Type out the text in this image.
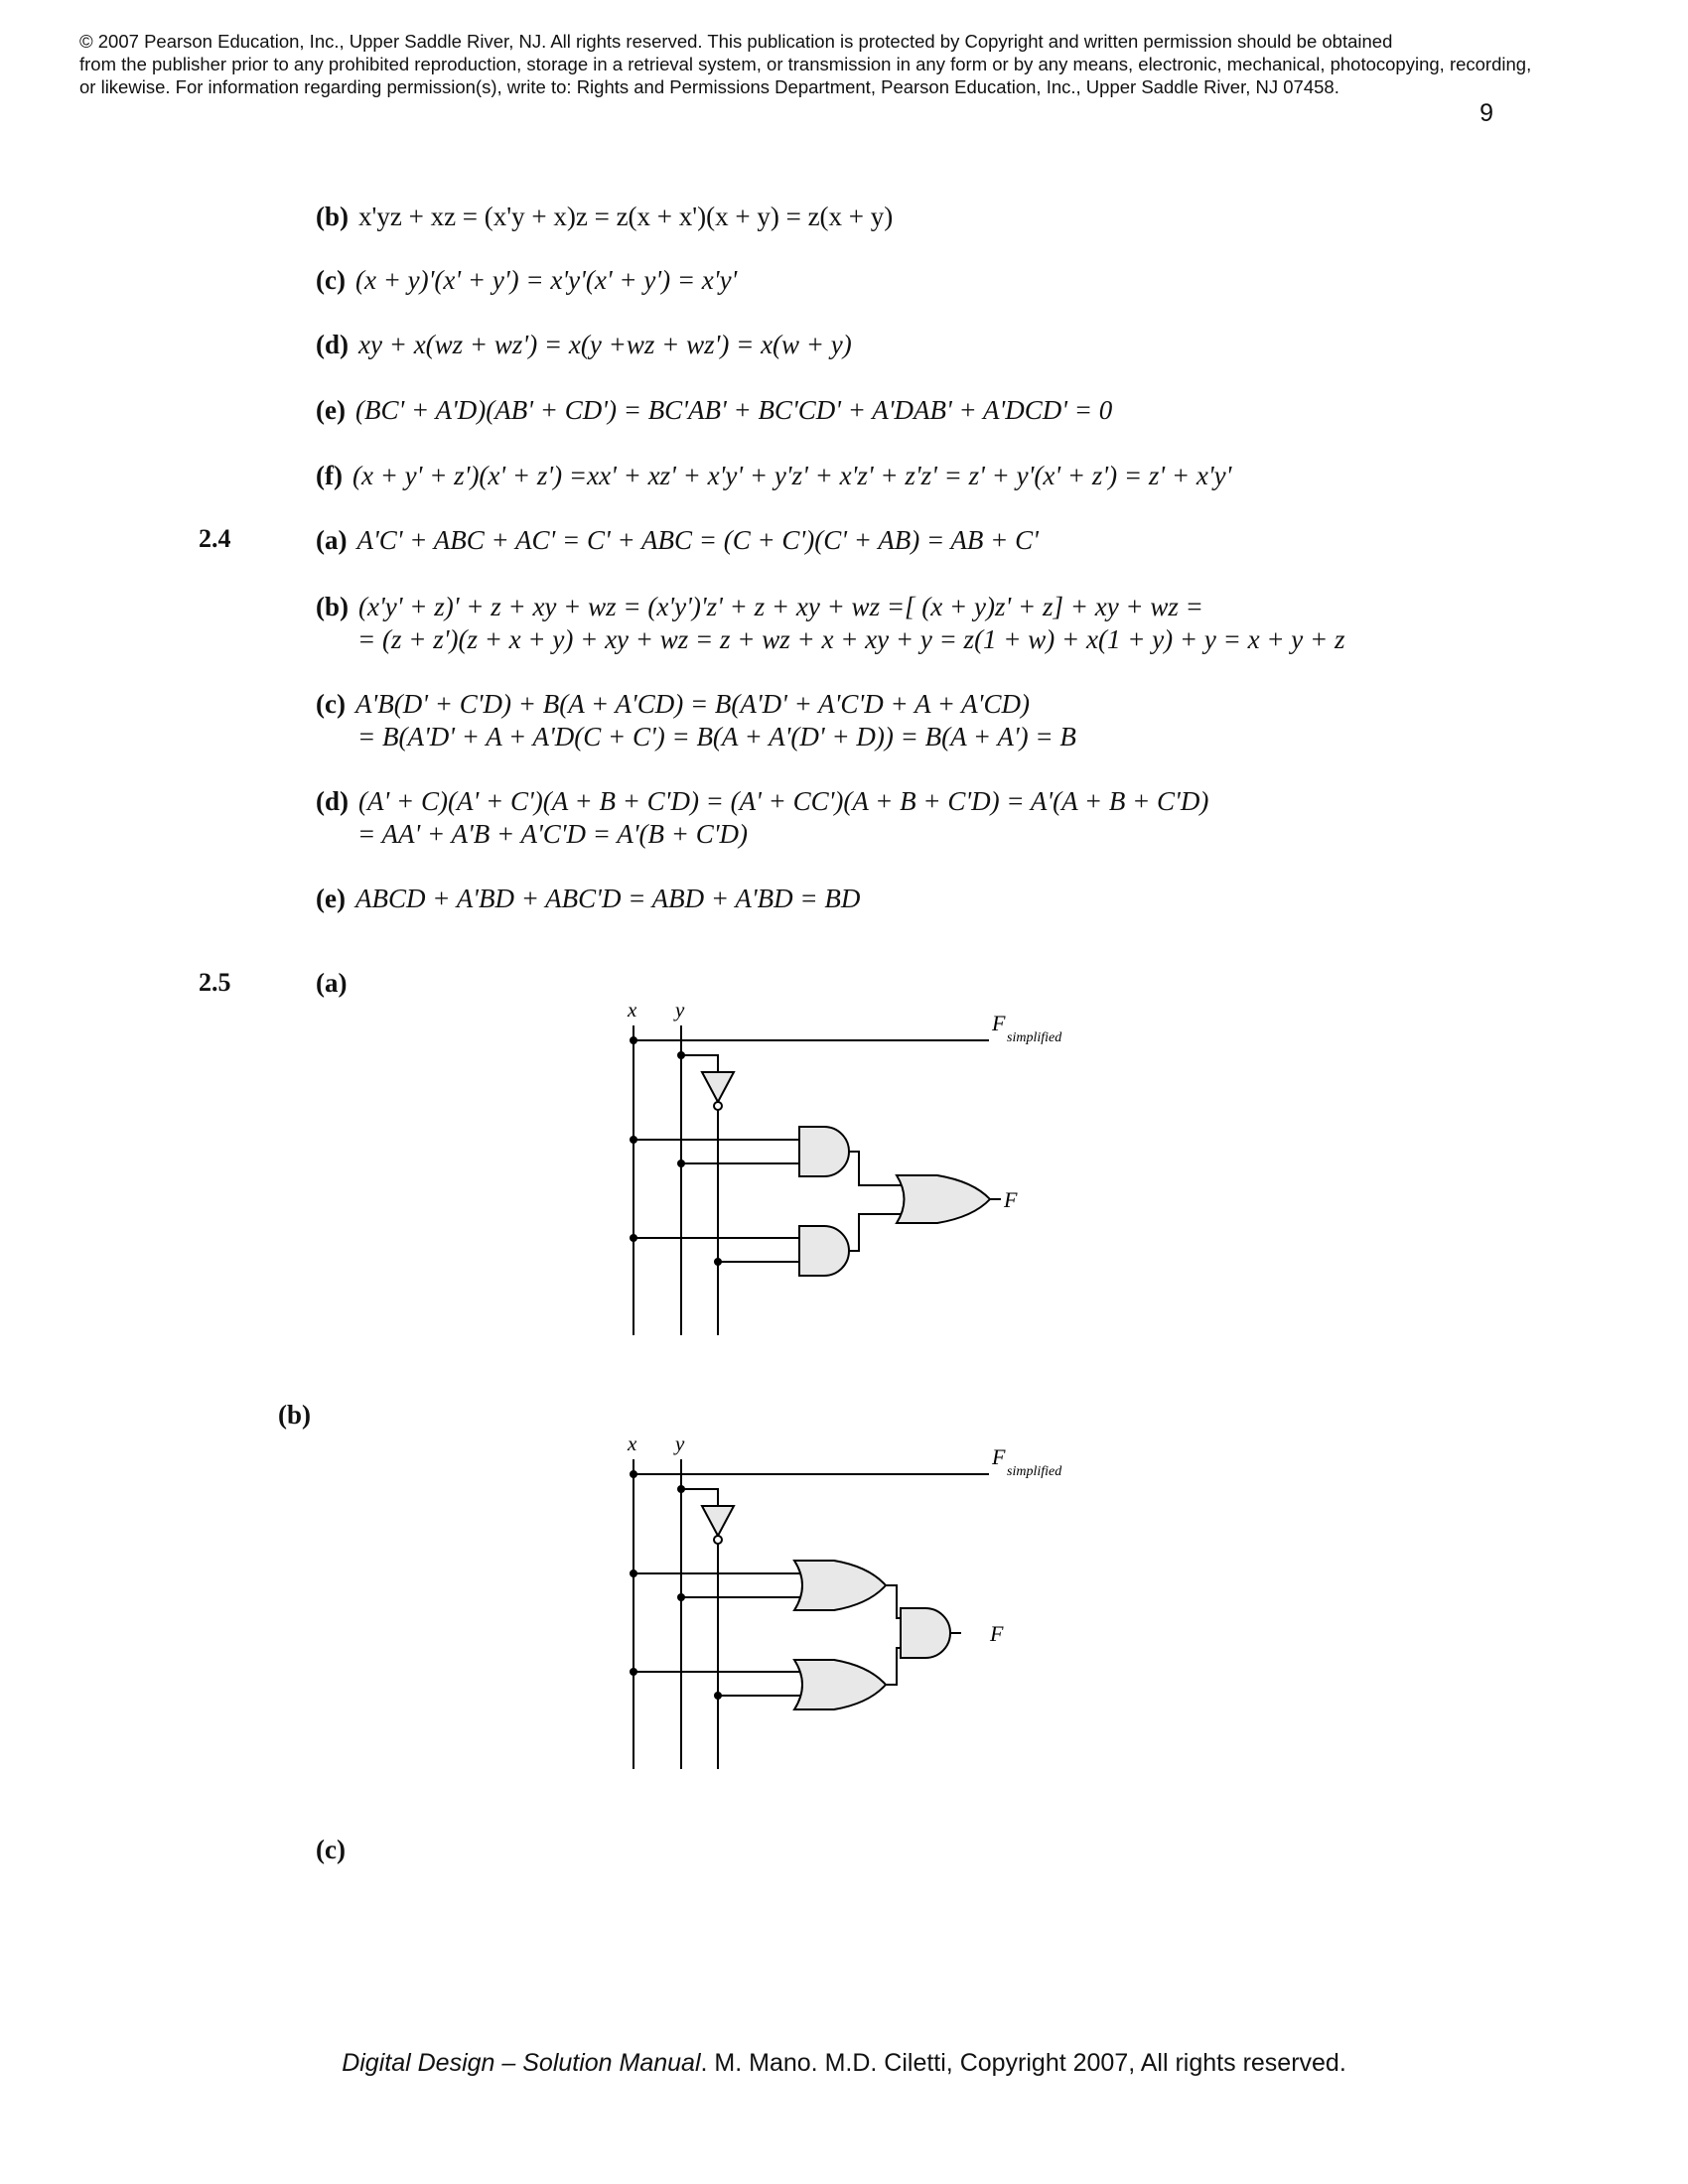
© 2007 Pearson Education, Inc., Upper Saddle River, NJ. All rights reserved. This publication is protected by Copyright and written permission should be obtained
from the publisher prior to any prohibited reproduction, storage in a retrieval system, or transmission in any form or by any means, electronic, mechanical, photocopying, recording,
or likewise. For information regarding permission(s), write to: Rights and Permissions Department, Pearson Education, Inc., Upper Saddle River, NJ 07458.
9
(b) x'yz + xz = (x'y + x)z = z(x + x')(x + y) = z(x + y)
(c) (x + y)'(x' + y') = x'y'(x' + y') = x'y'
(d) xy + x(wz + wz') = x(y +wz + wz') = x(w + y)
(e) (BC' + A'D)(AB' + CD') = BC'AB' + BC'CD' + A'DAB' + A'DCD' = 0
(f) (x + y' + z')(x' + z') =xx' + xz' + x'y' + y'z' + x'z' + z'z' = z' + y'(x' + z') = z' + x'y'
2.4	(a) A'C' + ABC + AC' = C' + ABC = (C + C')(C' + AB) = AB + C'
(b) (x'y' + z)' + z + xy + wz = (x'y')'z' + z + xy + wz =[ (x + y)z' + z] + xy + wz =
= (z + z')(z + x + y) + xy + wz = z + wz + x + xy + y = z(1 + w) + x(1 + y) + y = x + y + z
(c) A'B(D' + C'D) + B(A + A'CD) = B(A'D' + A'C'D + A + A'CD)
= B(A'D' + A + A'D(C + C') = B(A + A'(D' + D)) = B(A + A') = B
(d) (A' + C)(A' + C')(A + B + C'D) = (A' + CC')(A + B + C'D) = A'(A + B + C'D)
= AA' + A'B + A'C'D = A'(B + C'D)
(e) ABCD + A'BD + ABC'D = ABD + A'BD = BD
2.5	(a)
x y
F
simplified
F
(b)
x y
F
simplified
F
(c)
Digital Design – Solution Manual. M. Mano. M.D. Ciletti, Copyright 2007, All rights reserved.
